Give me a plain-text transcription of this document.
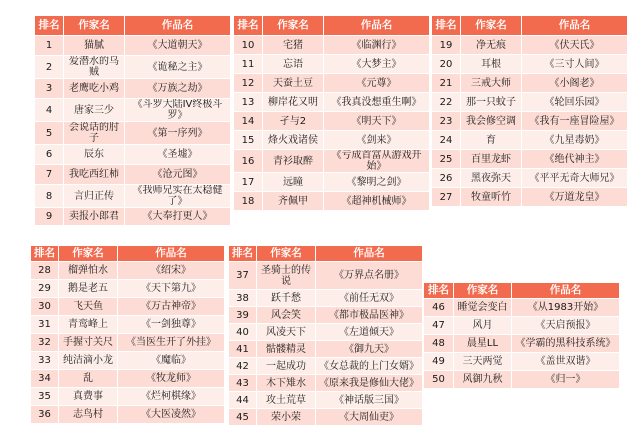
排名	作家名	作品名
1	猫腻	《大道朝天》
2	爱潜水的乌贼	《诡秘之主》
3	老鹰吃小鸡	《万族之劫》
4	唐家三少	《斗罗大陆IV终极斗罗》
5	会说话的肘子	《第一序列》
6	辰东	《圣墟》
7	我吃西红柿	《沧元图》
8	言归正传	《我师兄实在太稳健了》
9	卖报小郎君	《大奉打更人》
排名	作家名	作品名
10	宅猪	《临渊行》
11	忘语	《大梦主》
12	天蚕土豆	《元尊》
13	柳岸花又明	《我真没想重生啊》
14	孑与2	《明天下》
15	烽火戏诸侯	《剑来》
16	青衫取醉	《亏成首富从游戏开始》
17	远瞳	《黎明之剑》
18	齐佩甲	《超神机械师》
排名	作家名	作品名
19	净无痕	《伏天氏》
20	耳根	《三寸人间》
21	三戒大师	《小阁老》
22	那一只蚊子	《轮回乐园》
23	我会修空调	《我有一座冒险屋》
24	育	《九星毒奶》
25	百里龙虾	《绝代神主》
26	黑夜弥天	《平平无奇大师兄》
27	牧童听竹	《万道龙皇》
排名	作家名	作品名
28	榴弹怕水	《绍宋》
29	鹅是老五	《天下第九》
30	飞天鱼	《万古神帝》
31	青鸾峰上	《一剑独尊》
32	手握寸关尺	《当医生开了外挂》
33	纯洁滴小龙	《魔临》
34	乱	《牧龙师》
35	真费事	《烂柯棋缘》
36	志鸟村	《大医凌然》
排名	作家名	作品名
37	圣骑士的传说	《万界点名册》
38	跃千愁	《前任无双》
39	风会笑	《都市极品医神》
40	风凌天下	《左道倾天》
41	骷髅精灵	《御九天》
42	一起成功	《女总裁的上门女婿》
43	木下雉水	《原来我是修仙大佬》
44	攻土荒草	《神话版三国》
45	荣小荣	《大周仙吏》
排名	作家名	作品名
46	睡觉会变白	《从1983开始》
47	风月	《天启预报》
48	晨星LL	《学霸的黑科技系统》
49	三天两觉	《盖世双谐》
50	风御九秋	《归一》
